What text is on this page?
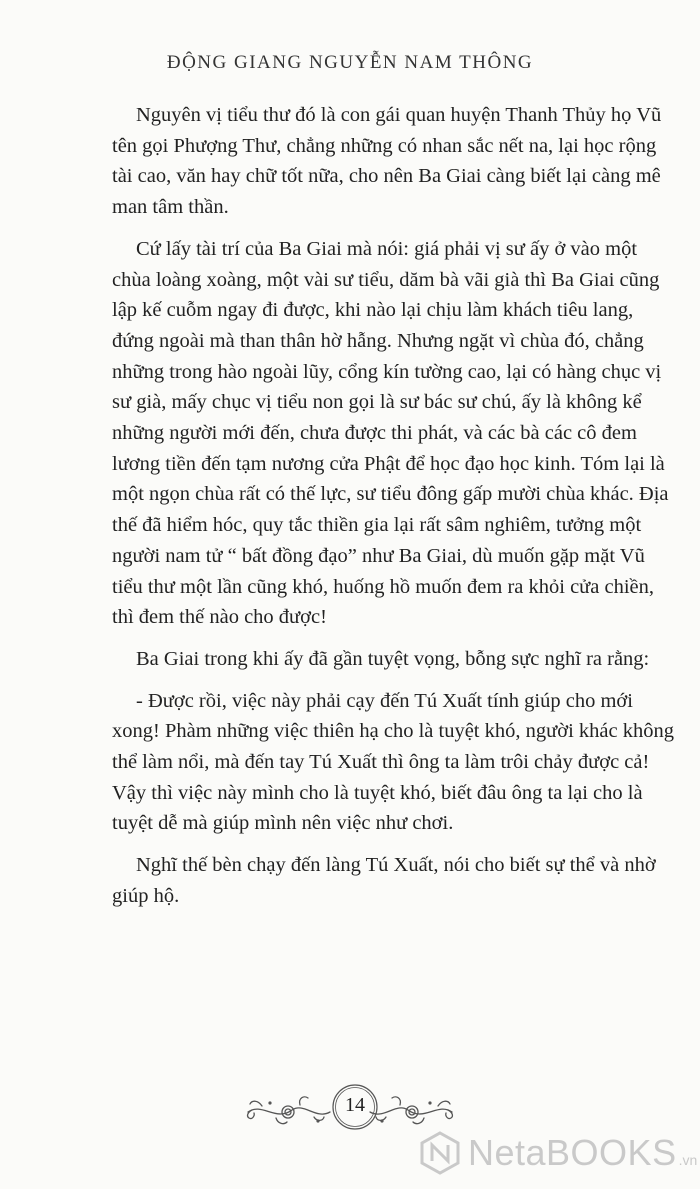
ĐỘNG GIANG NGUYỄN NAM THÔNG

Nguyên vị tiểu thư đó là con gái quan huyện Thanh Thủy họ Vũ tên gọi Phượng Thư, chẳng những có nhan sắc nết na, lại học rộng tài cao, văn hay chữ tốt nữa, cho nên Ba Giai càng biết lại càng mê man tâm thần.

Cứ lấy tài trí của Ba Giai mà nói: giá phải vị sư ấy ở vào một chùa loàng xoàng, một vài sư tiểu, dăm bà vãi già thì Ba Giai cũng lập kế cuỗm ngay đi được, khi nào lại chịu làm khách tiêu lang, đứng ngoài mà than thân hờ hẫng. Nhưng ngặt vì chùa đó, chẳng những trong hào ngoài lũy, cổng kín tường cao, lại có hàng chục vị sư già, mấy chục vị tiểu non gọi là sư bác sư chú, ấy là không kể những người mới đến, chưa được thi phát, và các bà các cô đem lương tiền đến tạm nương cửa Phật để học đạo học kinh. Tóm lại là một ngọn chùa rất có thế lực, sư tiểu đông gấp mười chùa khác. Địa thế đã hiểm hóc, quy tắc thiền gia lại rất sâm nghiêm, tưởng một người nam tử “ bất đồng đạo” như Ba Giai, dù muốn gặp mặt Vũ tiểu thư một lần cũng khó, huống hồ muốn đem ra khỏi cửa chiền, thì đem thế nào cho được!

Ba Giai trong khi ấy đã gần tuyệt vọng, bỗng sực nghĩ ra rằng:

- Được rồi, việc này phải cạy đến Tú Xuất tính giúp cho mới xong! Phàm những việc thiên hạ cho là tuyệt khó, người khác không thể làm nổi, mà đến tay Tú Xuất thì ông ta làm trôi chảy được cả! Vậy thì việc này mình cho là tuyệt khó, biết đâu ông ta lại cho là tuyệt dễ mà giúp mình nên việc như chơi.

Nghĩ thế bèn chạy đến làng Tú Xuất, nói cho biết sự thể và nhờ giúp hộ.

14
NetaBOOKS .vn
